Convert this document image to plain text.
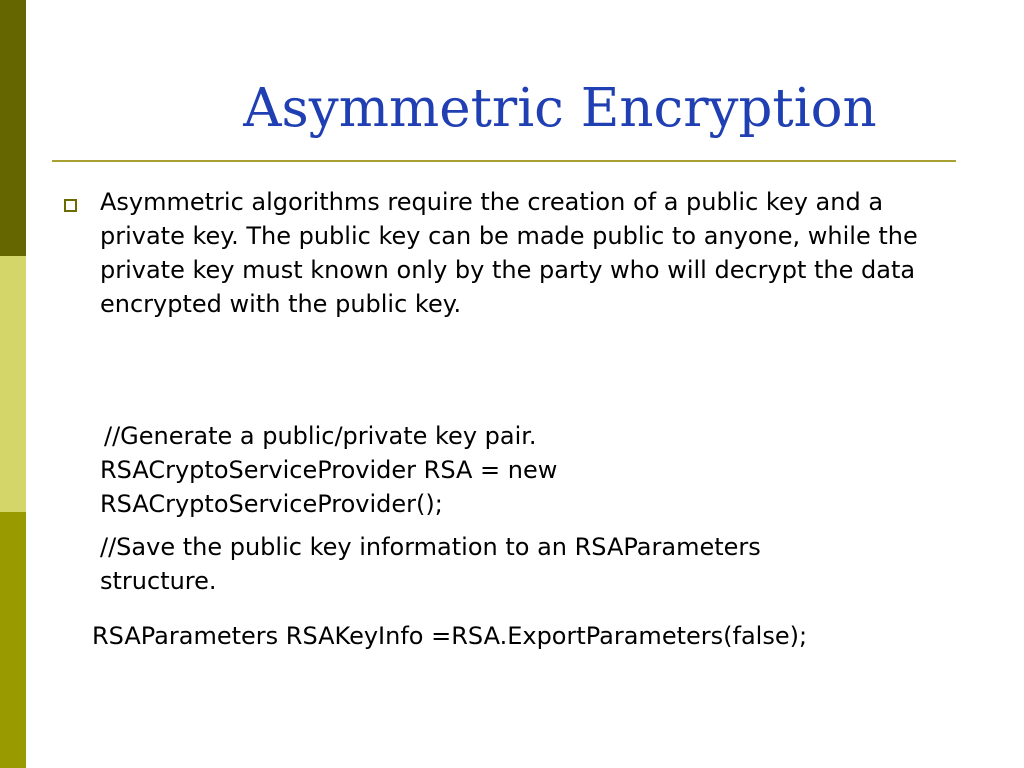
Asymmetric Encryption
Asymmetric algorithms require the creation of a public key and a private key. The public key can be made public to anyone, while the private key must known only by the party who will decrypt the data encrypted with the public key.
//Generate a public/private key pair.
RSACryptoServiceProvider RSA = new
RSACryptoServiceProvider();
//Save the public key information to an RSAParameters
structure.
RSAParameters RSAKeyInfo =RSA.ExportParameters(false);
